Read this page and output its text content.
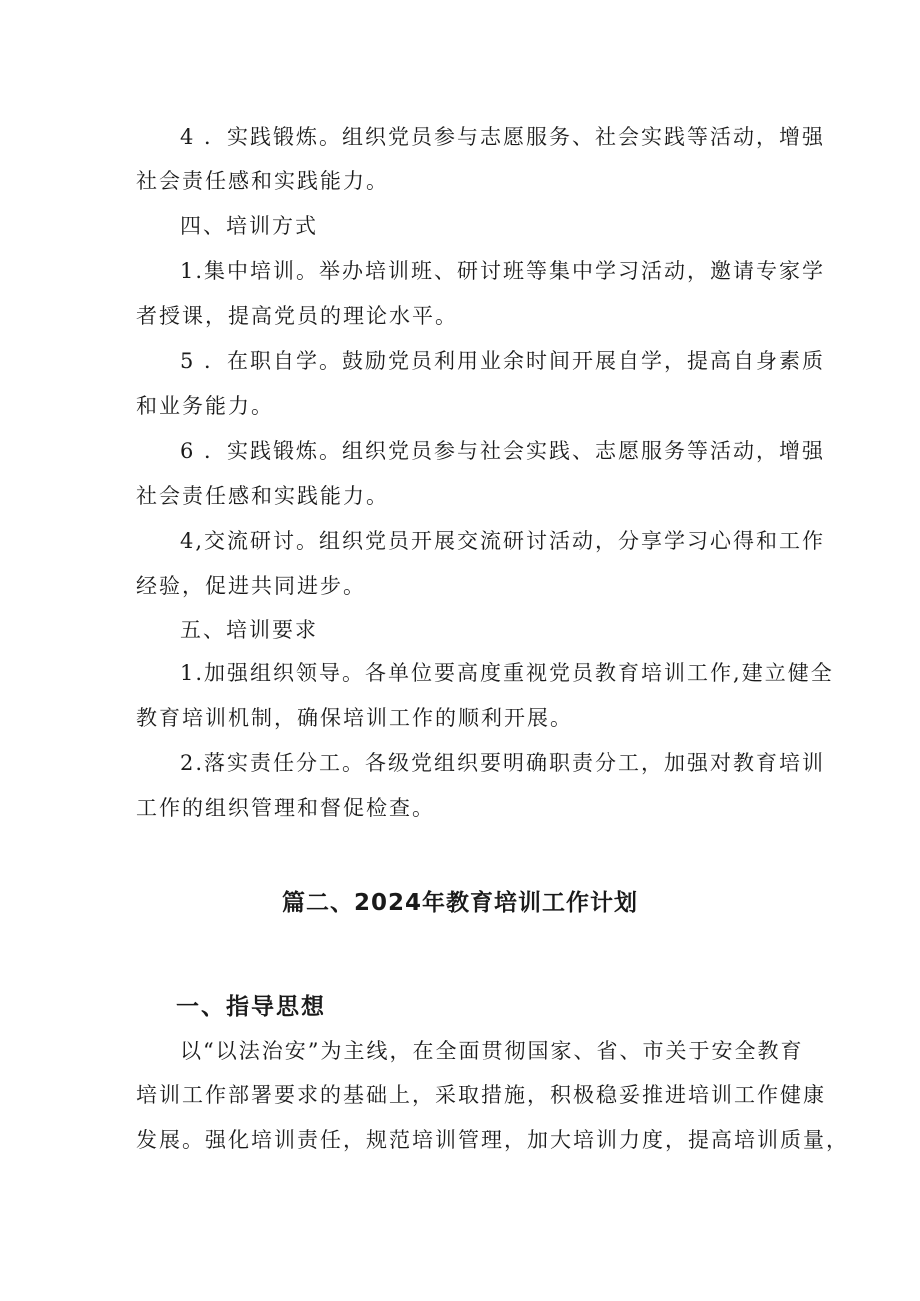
4 ．实践锻炼。组织党员参与志愿服务、社会实践等活动，增强
社会责任感和实践能力。
四、培训方式
1.集中培训。举办培训班、研讨班等集中学习活动，邀请专家学
者授课，提高党员的理论水平。
5 ．在职自学。鼓励党员利用业余时间开展自学，提高自身素质
和业务能力。
6 ．实践锻炼。组织党员参与社会实践、志愿服务等活动，增强
社会责任感和实践能力。
4,交流研讨。组织党员开展交流研讨活动，分享学习心得和工作
经验，促进共同进步。
五、培训要求
1.加强组织领导。各单位要高度重视党员教育培训工作,建立健全
教育培训机制，确保培训工作的顺利开展。
2.落实责任分工。各级党组织要明确职责分工，加强对教育培训
工作的组织管理和督促检查。
篇二、2024年教育培训工作计划
一、指导思想
以“以法治安”为主线，在全面贯彻国家、省、市关于安全教育
培训工作部署要求的基础上，采取措施，积极稳妥推进培训工作健康
发展。强化培训责任，规范培训管理，加大培训力度，提高培训质量，
